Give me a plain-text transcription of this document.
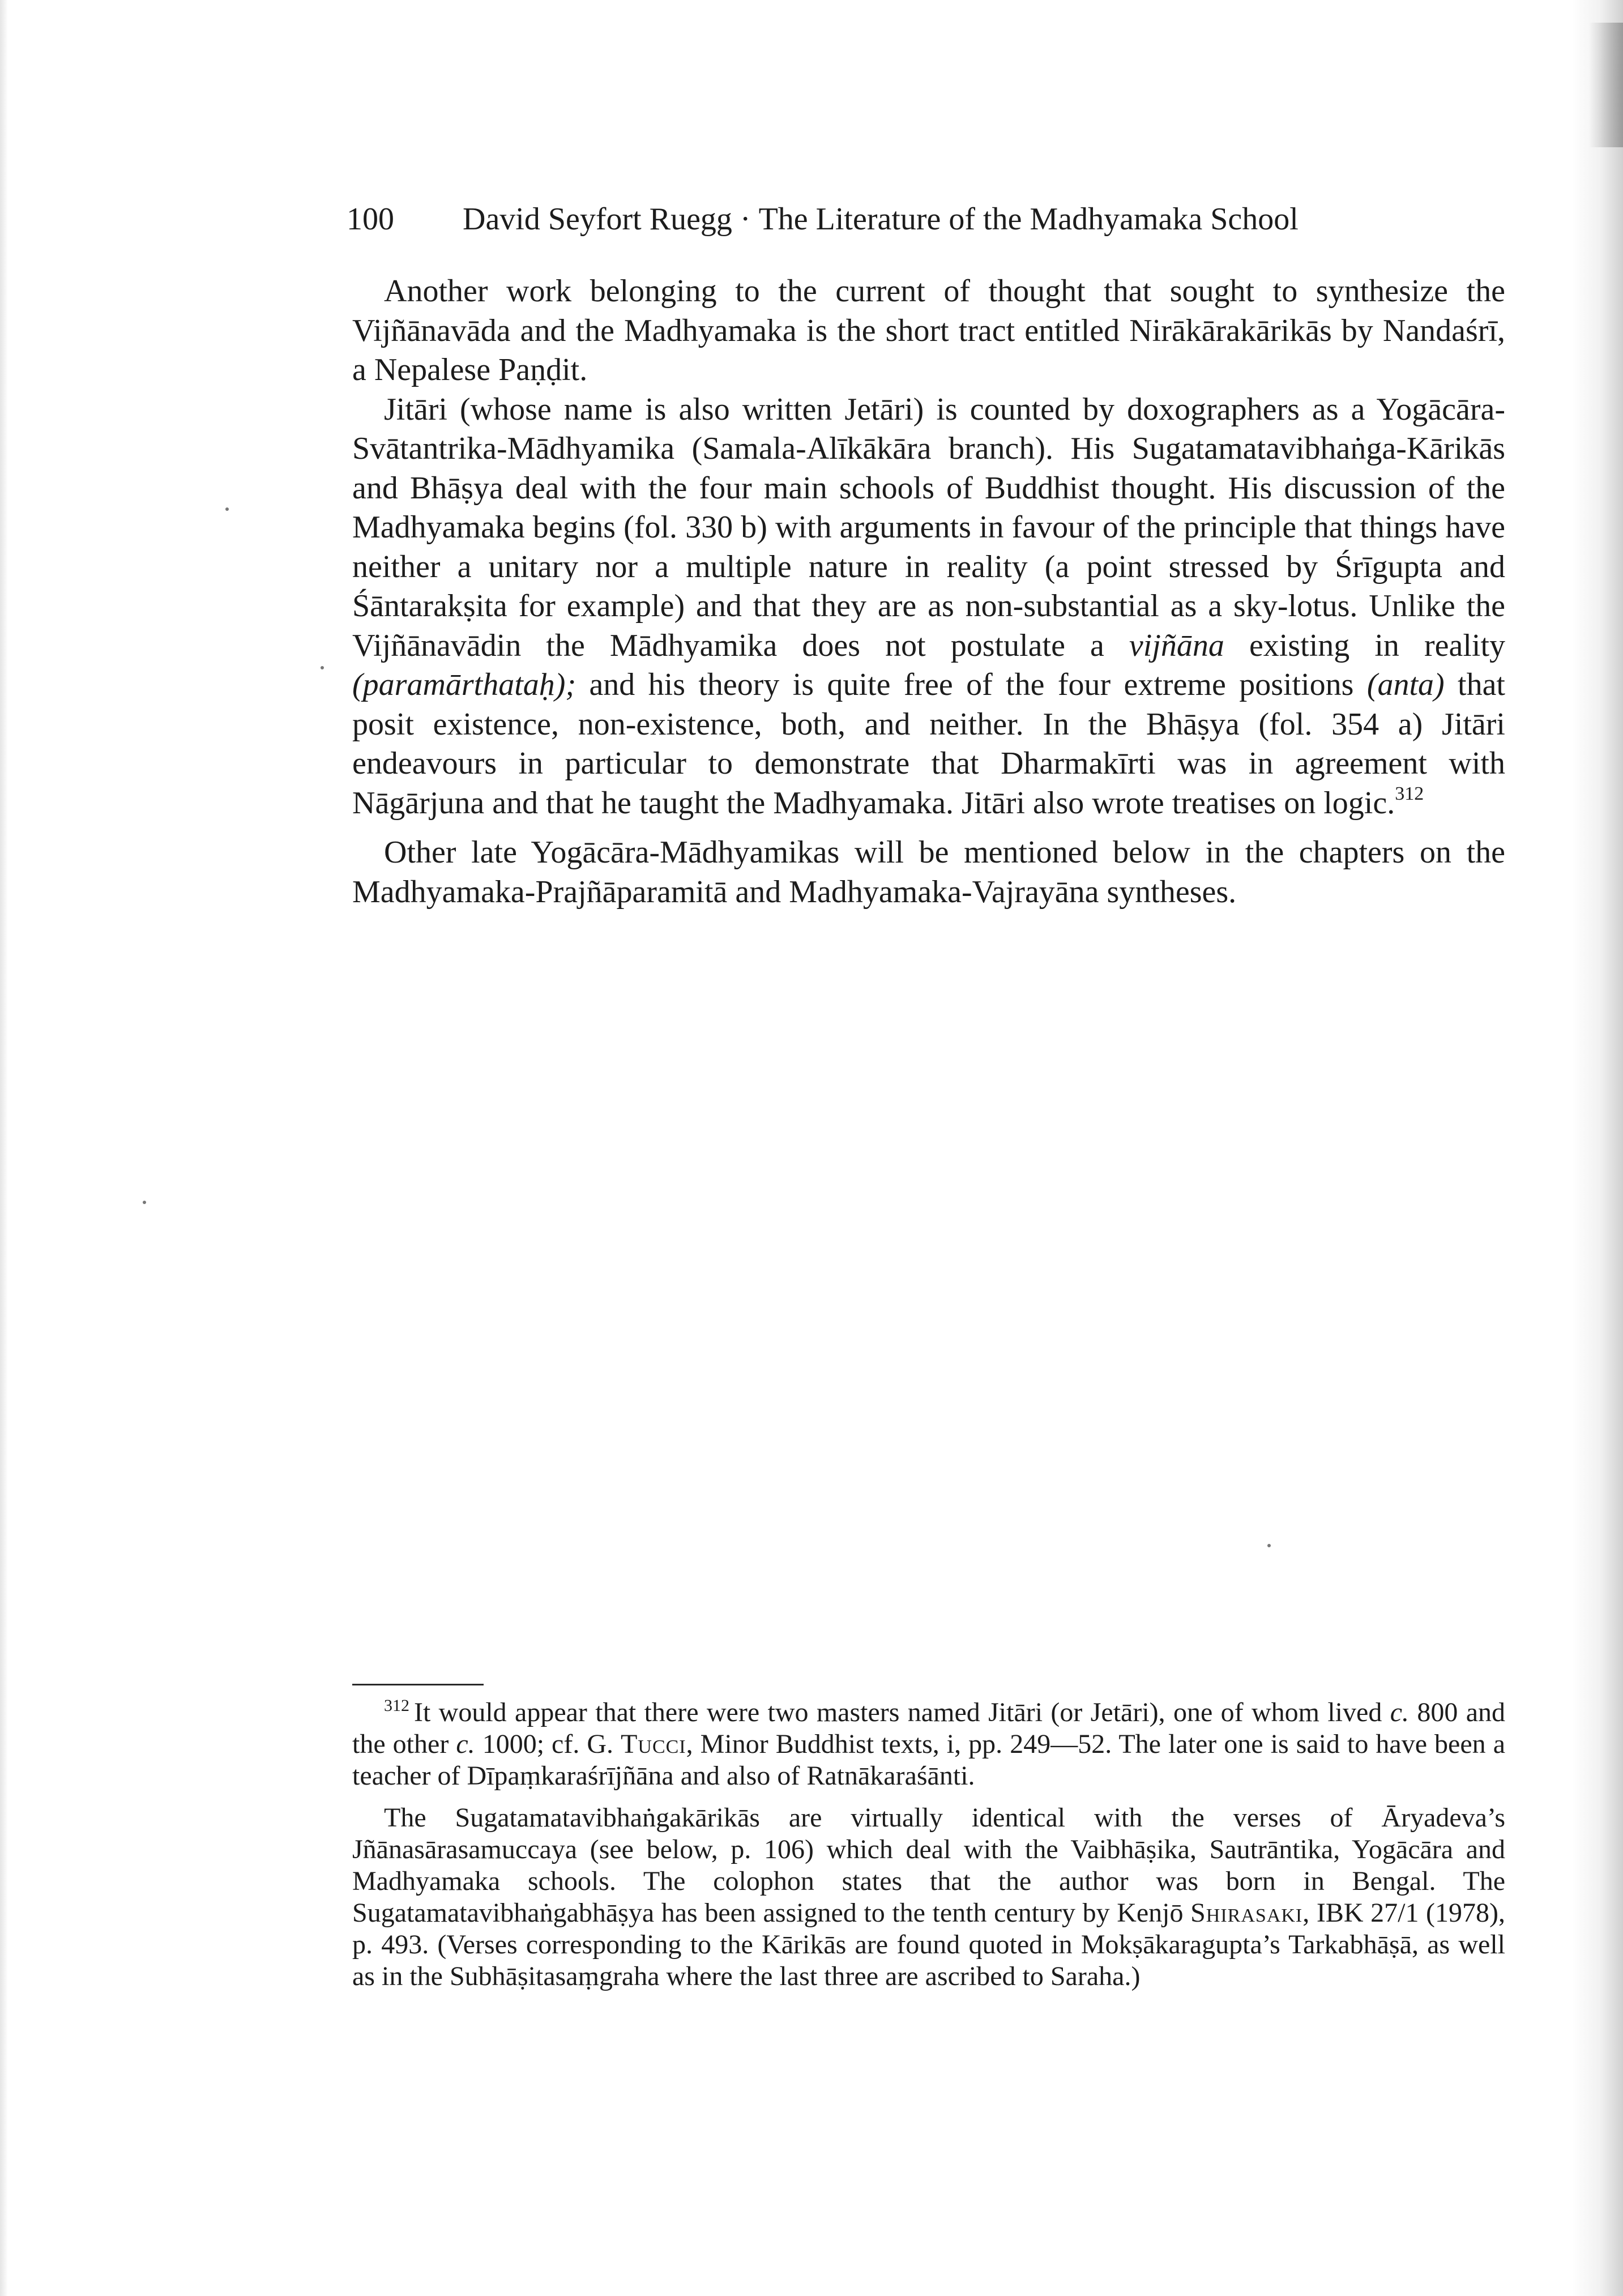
100 David Seyfort Ruegg · The Literature of the Madhyamaka School

Another work belonging to the current of thought that sought to synthesize the Vijñānavāda and the Madhyamaka is the short tract entitled Nirākārakārikās by Nandaśrī, a Nepalese Paṇḍit.

Jitāri (whose name is also written Jetāri) is counted by doxographers as a Yogācāra-Svātantrika-Mādhyamika (Samala-Alīkākāra branch). His Sugatamatavibhaṅga-Kārikās and Bhāṣya deal with the four main schools of Buddhist thought. His discussion of the Madhyamaka begins (fol. 330 b) with arguments in favour of the principle that things have neither a unitary nor a multiple nature in reality (a point stressed by Śrīgupta and Śāntarakṣita for example) and that they are as non-substantial as a sky-lotus. Unlike the Vijñānavādin the Mādhyamika does not postulate a vijñāna existing in reality (paramārthataḥ); and his theory is quite free of the four extreme positions (anta) that posit existence, non-existence, both, and neither. In the Bhāṣya (fol. 354 a) Jitāri endeavours in particular to demonstrate that Dharmakīrti was in agreement with Nāgārjuna and that he taught the Madhyamaka. Jitāri also wrote treatises on logic.$^{312}$

Other late Yogācāra-Mādhyamikas will be mentioned below in the chapters on the Madhyamaka-Prajñāparamitā and Madhyamaka-Vajrayāna syntheses.

$^{312}$ It would appear that there were two masters named Jitāri (or Jetāri), one of whom lived c. 800 and the other c. 1000; cf. G. Tucci, Minor Buddhist texts, i, pp. 249—52. The later one is said to have been a teacher of Dīpaṃkaraśrījñāna and also of Ratnākaraśānti.

The Sugatamatavibhaṅgakārikās are virtually identical with the verses of Āryadeva’s Jñānasārasamuccaya (see below, p. 106) which deal with the Vaibhāṣika, Sautrāntika, Yogācāra and Madhyamaka schools. The colophon states that the author was born in Bengal. The Sugatamatavibhaṅgabhāṣya has been assigned to the tenth century by Kenjō Shirasaki, IBK 27/1 (1978), p. 493. (Verses corresponding to the Kārikās are found quoted in Mokṣākaragupta’s Tarkabhāṣā, as well as in the Subhāṣitasaṃgraha where the last three are ascribed to Saraha.)
